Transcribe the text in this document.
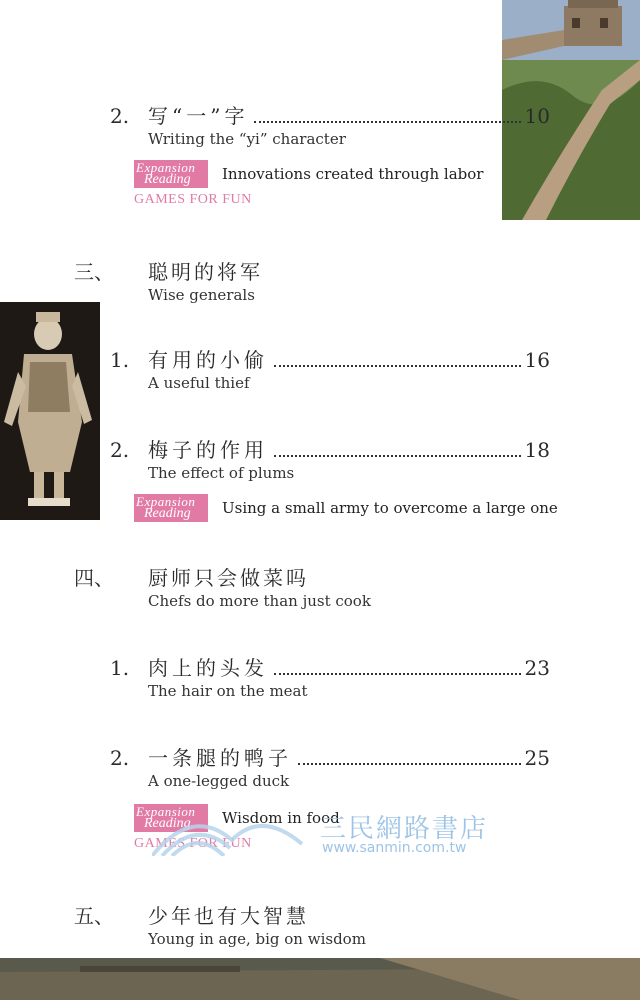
2. 写“一”字	10
Writing the “yi” character
Expansion
Reading Innovations created through labor
GAMES FOR FUN
三、 聪明的将军
Wise generals
1. 有用的小偷	16
A useful thief
2. 梅子的作用	18
The effect of plums
Expansion
Reading Using a small army to overcome a large one
四、 厨师只会做菜吗
Chefs do more than just cook
1. 肉上的头发	23
The hair on the meat
2. 一条腿的鸭子	25
A one-legged duck
Expansion
Reading Wisdom in food
GAMES FOR FUN	三民網路書店
www.sanmin.com.tw
五、 少年也有大智慧
Young in age, big on wisdom
